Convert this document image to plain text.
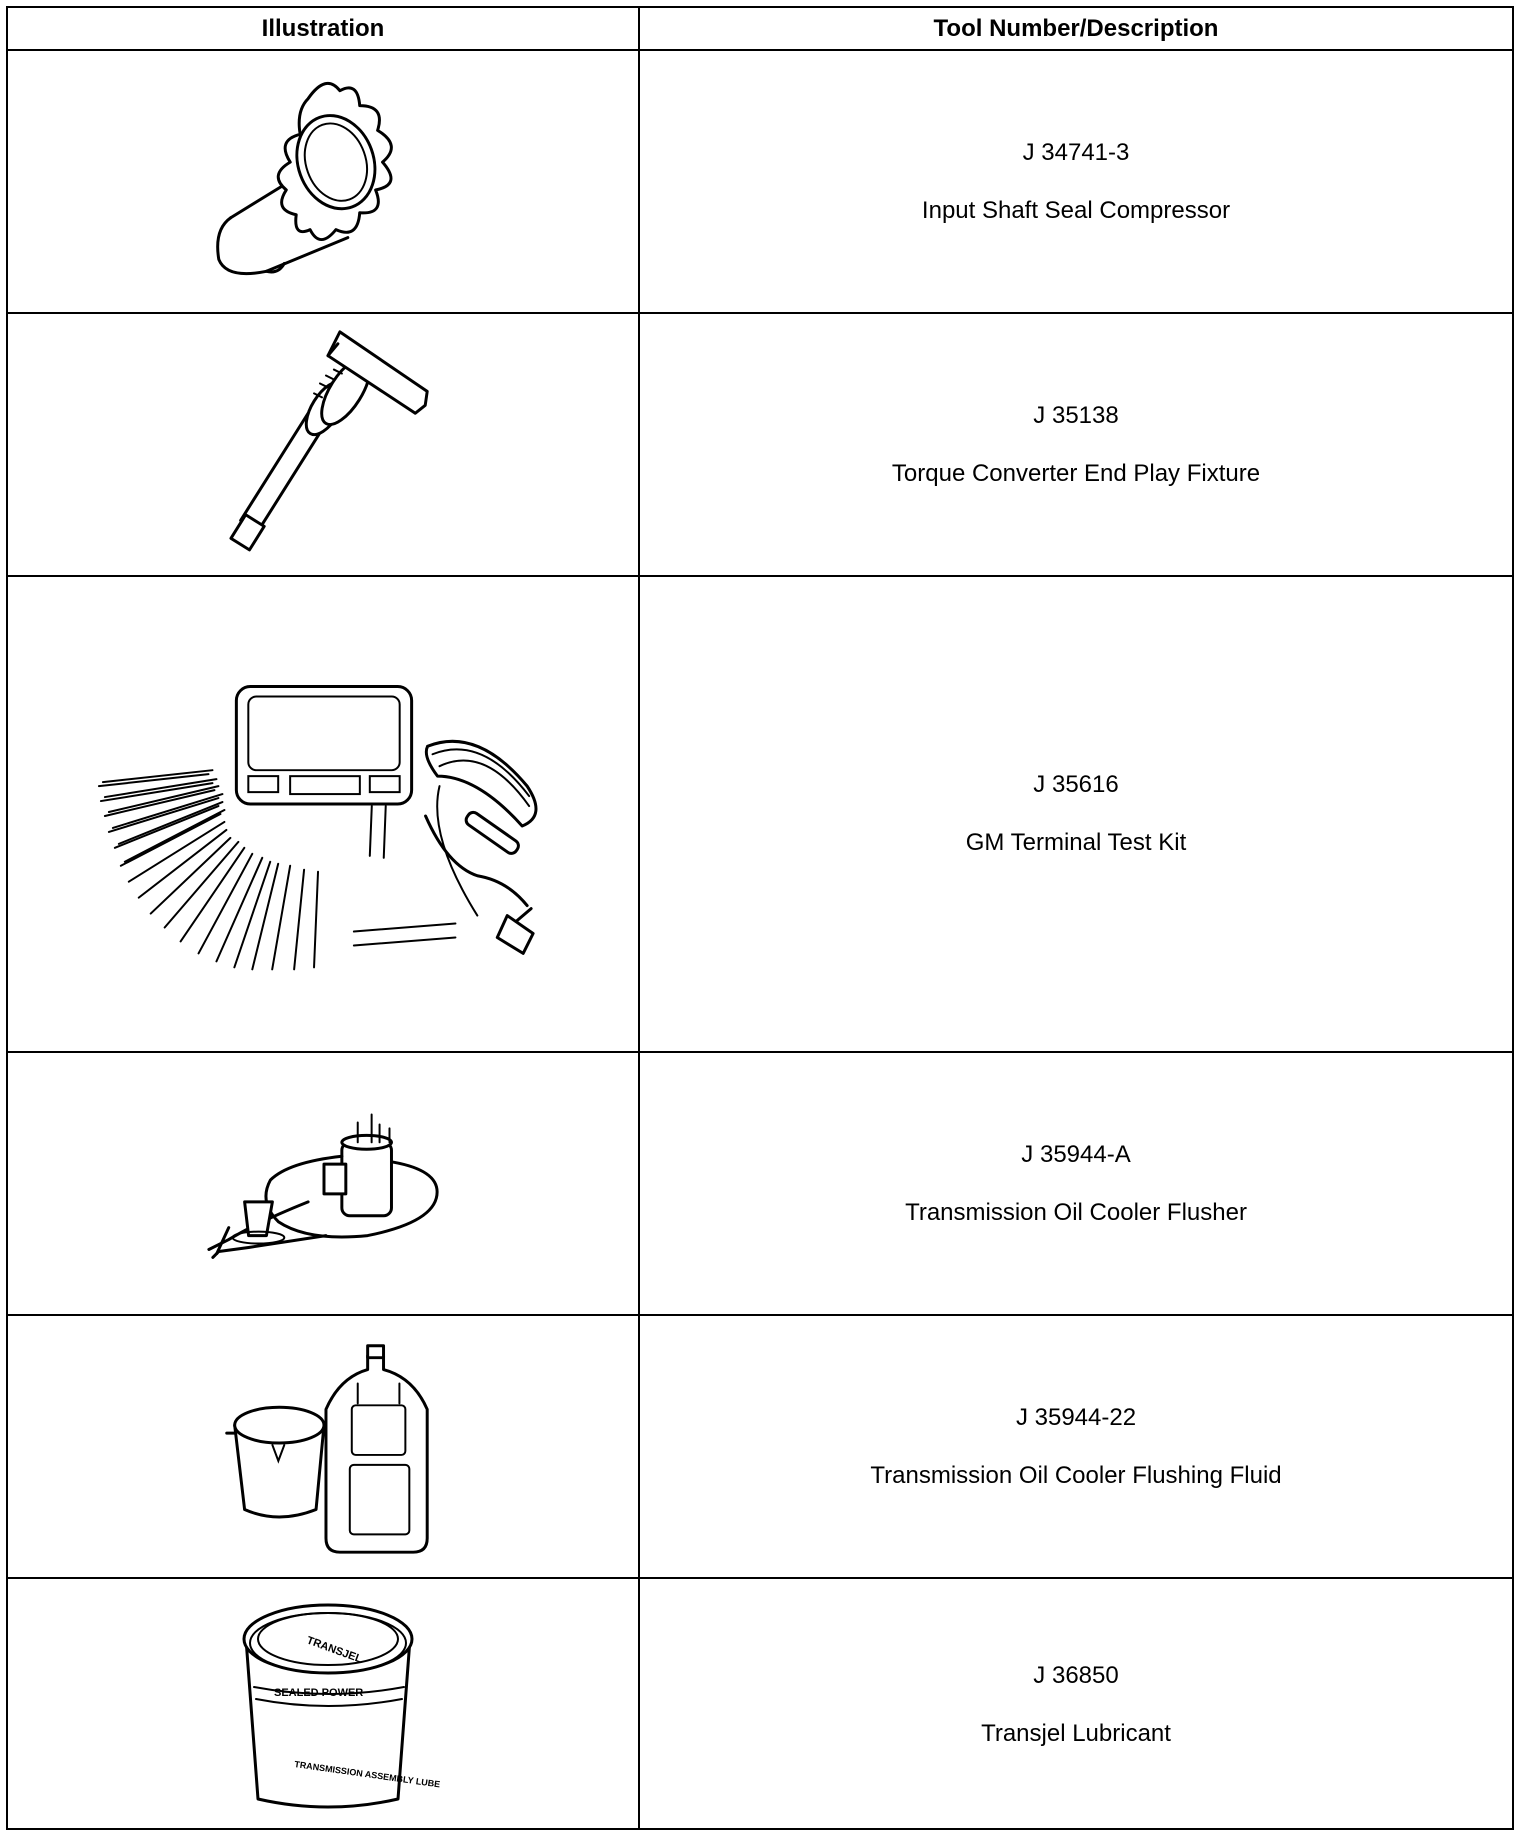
Illustration	Tool Number/Description
J 34741-3
Input Shaft Seal Compressor
J 35138
Torque Converter End Play Fixture
J 35616
GM Terminal Test Kit
J 35944-A
Transmission Oil Cooler Flusher
J 35944-22
Transmission Oil Cooler Flushing Fluid
TRANSJEL
SEALED POWER
TRANSMISSION ASSEMBLY LUBE
J 36850
Transjel Lubricant
